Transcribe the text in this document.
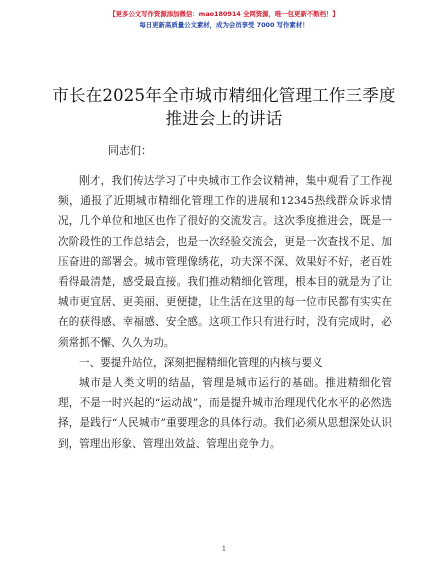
【更多公文写作资源添加微信：mao180914 全网资源，唯一包更新不断档！】
每日更新高质量公文素材，成为会员享受 7000 写作素材！
市长在2025年全市城市精细化管理工作三季度
推进会上的讲话
同志们：

刚才，我们传达学习了中央城市工作会议精神，集中观看了工作视频，通报了近期城市精细化管理工作的进展和12345热线群众诉求情况，几个单位和地区也作了很好的交流发言。这次季度推进会，既是一次阶段性的工作总结会，也是一次经验交流会，更是一次查找不足、加压奋进的部署会。城市管理像绣花，功夫深不深、效果好不好，老百姓看得最清楚，感受最直接。我们推动精细化管理，根本目的就是为了让城市更宜居、更美丽、更便捷，让生活在这里的每一位市民都有实实在在的获得感、幸福感、安全感。这项工作只有进行时，没有完成时，必须常抓不懈、久久为功。

一、要提升站位，深刻把握精细化管理的内核与要义

城市是人类文明的结晶，管理是城市运行的基础。推进精细化管理，不是一时兴起的“运动战”，而是提升城市治理现代化水平的必然选择，是践行“人民城市”重要理念的具体行动。我们必须从思想深处认识到，管理出形象、管理出效益、管理出竞争力。

1
